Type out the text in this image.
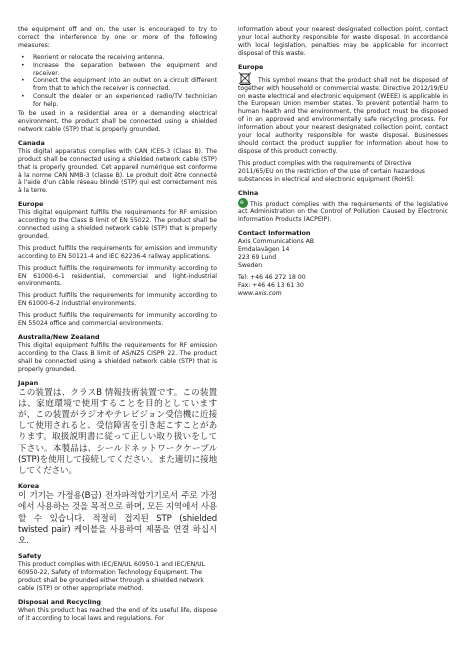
the equipment off and on, the user is encouraged to try to correct the interference by one or more of the following measures:

• Reorient or relocate the receiving antenna.
• Increase the separation between the equipment and receiver.
• Connect the equipment into an outlet on a circuit different from that to which the receiver is connected.
• Consult the dealer or an experienced radio/TV technician for help.

To be used in a residential area or a demanding electrical environment, the product shall be connected using a shielded network cable (STP) that is properly grounded.

Canada

This digital apparatus complies with CAN ICES-3 (Class B). The product shall be connected using a shielded network cable (STP) that is properly grounded. Cet appareil numérique est conforme à la norme CAN NMB-3 (classe B). Le produit doit être connecté à l'aide d'un câble réseau blindé (STP) qui est correctement mis à la terre.

Europe

This digital equipment fulfills the requirements for RF emission according to the Class B limit of EN 55022. The product shall be connected using a shielded network cable (STP) that is properly grounded.

This product fulfills the requirements for emission and immunity according to EN 50121-4 and IEC 62236-4 railway applications.

This product fulfills the requirements for immunity according to EN 61000-6-1 residential, commercial and light-industrial environments.

This product fulfills the requirements for immunity according to EN 61000-6-2 industrial environments.

This product fulfills the requirements for immunity according to EN 55024 office and commercial environments.

Australia/New Zealand

This digital equipment fulfills the requirements for RF emission according to the Class B limit of AS/NZS CISPR 22. The product shall be connected using a shielded network cable (STP) that is properly grounded.

Japan

この装置は、クラスB 情報技術装置です。この装置は、家庭環境で使用することを目的としていますが、この装置がラジオやテレビジョン受信機に近接して使用されると、受信障害を引き起こすことがあります。取扱説明書に従って正しい取り扱いをして下さい。本製品は、シールドネットワークケーブル(STP)を使用して接続してください。また適切に接地してください。

Korea

이 기기는 가정용(B급) 전자파적합기기로서 주로 가정에서 사용하는 것을 목적으로 하며, 모든 지역에서 사용할 수 있습니다. 적절히 접지된 STP (shielded twisted pair) 케이블을 사용하여 제품을 연결 하십시오.

Safety

This product complies with IEC/EN/UL 60950-1 and IEC/EN/UL 60950-22, Safety of Information Technology Equipment. The product shall be grounded either through a shielded network cable (STP) or other appropriate method.

Disposal and Recycling

When this product has reached the end of its useful life, dispose of it according to local laws and regulations. For

information about your nearest designated collection point, contact your local authority responsible for waste disposal. In accordance with local legislation, penalties may be applicable for incorrect disposal of this waste.

Europe

This symbol means that the product shall not be disposed of together with household or commercial waste. Directive 2012/19/EU on waste electrical and electronic equipment (WEEE) is applicable in the European Union member states. To prevent potential harm to human health and the environment, the product must be disposed of in an approved and environmentally safe recycling process. For information about your nearest designated collection point, contact your local authority responsible for waste disposal. Businesses should contact the product supplier for information about how to dispose of this product correctly.

This product complies with the requirements of Directive 2011/65/EU on the restriction of the use of certain hazardous substances in electrical and electronic equipment (RoHS).

China

e This product complies with the requirements of the legislative act Administration on the Control of Pollution Caused by Electronic Information Products (ACPEIP).

Contact Information

Axis Communications AB

Emdalavägen 14

223 69 Lund

Sweden

Tel: +46 46 272 18 00

Fax: +46 46 13 61 30

www.axis.com
